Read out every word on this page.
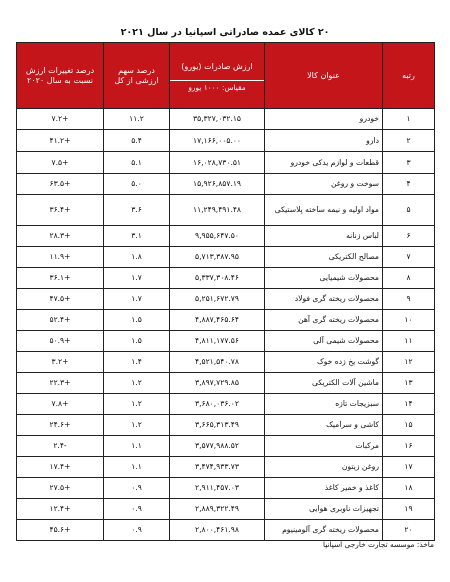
۲۰ کالای عمده صادراتی اسپانیا در سال ۲۰۲۱
رتبه	عنوان کالا	ارزش صادرات (یورو)
مقیاس: ۱۰۰۰ یورو	درصد سهم ارزشی از کل	درصد تغییرات ارزش نسبت به سال ۲۰۲۰
۱	خودرو	۳۵,۳۲۷,۰۳۲.۱۵	۱۱.۲	+۷.۲
۲	دارو	۱۷,۱۶۶,۰۰۵.۰۰	۵.۴	+۴۱.۲
۳	قطعات و لوازم یدکی خودرو	۱۶,۰۲۸,۷۳۰.۵۱	۵.۱	+۷.۵
۴	سوخت و روغن	۱۵,۹۲۶,۸۵۷.۱۹	۵.۰	+۶۳.۵
۵	مواد اولیه و نیمه ساخته پلاستیکی	۱۱,۲۴۹,۴۹۱.۴۸	۳.۶	+۳۶.۴
۶	لباس زنانه	۹,۹۵۵,۶۴۷.۵۰	۳.۱	+۲۸.۳
۷	مصالح الکتریکی	۵,۷۱۳,۳۸۷.۹۵	۱.۸	+۱۱.۹
۸	محصولات شیمیایی	۵,۳۳۷,۳۰۸.۴۶	۱.۷	+۳۶.۱
۹	محصولات ریخته گری فولاد	۵,۲۵۱,۶۷۲.۷۹	۱.۷	+۴۷.۵
۱۰	محصولات ریخته گری آهن	۴,۸۸۷,۴۶۵.۶۴	۱.۵	+۵۲.۴
۱۱	محصولات شیمی آلی	۴,۸۱۱,۱۷۷.۵۶	۱.۵	+۵۰.۹
۱۲	گوشت یخ زده خوک	۴,۵۲۱,۵۴۰.۷۸	۱.۴	+۳.۲
۱۳	ماشین آلات الکتریکی	۳,۸۹۷,۷۲۹.۸۵	۱.۲	+۲۲.۳
۱۴	سبزیجات تازه	۳,۶۸۰,۰۳۶.۰۲	۱.۲	+۷.۸
۱۵	کاشی و سرامیک	۳,۶۶۵,۳۱۳.۴۹	۱.۲	+۲۴.۶
۱۶	مرکبات	۳,۵۷۷,۹۸۸.۵۲	۱.۱	-۲.۴
۱۷	روغن زیتون	۳,۴۷۴,۹۳۳.۷۳	۱.۱	+۱۷.۴
۱۸	کاغذ و خمیر کاغذ	۲,۹۱۱,۴۵۷.۰۳	۰.۹	+۲۷.۵
۱۹	تجهیزات ناوبری هوایی	۲,۸۸۹,۳۲۲.۴۹	۰.۹	+۱۲.۴
۲۰	محصولات ریخته گری آلومینیوم	۲,۸۰۰,۴۶۱.۹۸	۰.۹	+۴۵.۶
ماخذ: موسسه تجارت خارجی اسپانیا
